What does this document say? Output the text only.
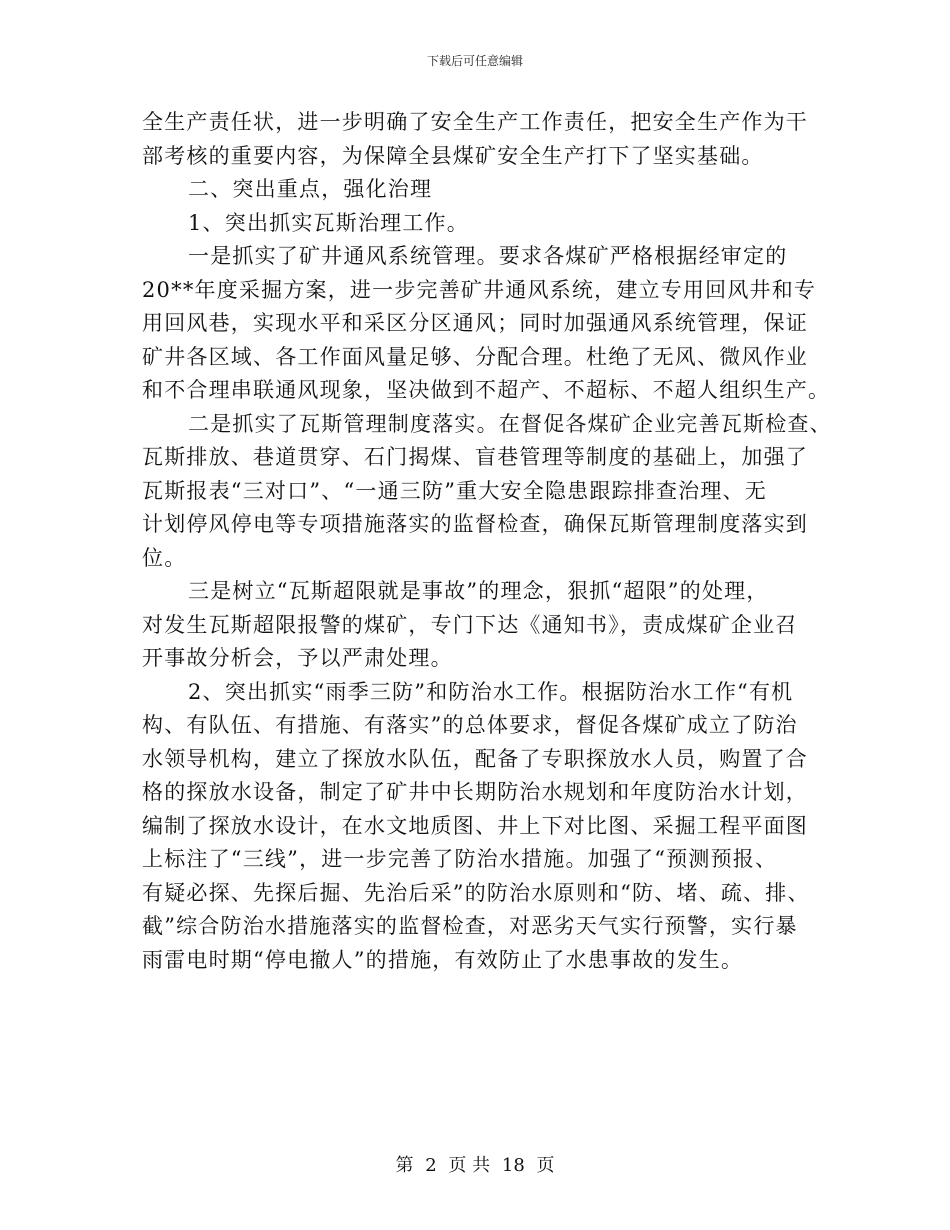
下载后可任意编辑
全生产责任状，进一步明确了安全生产工作责任，把安全生产作为干
部考核的重要内容，为保障全县煤矿安全生产打下了坚实基础。
二、突出重点，强化治理
1、突出抓实瓦斯治理工作。
一是抓实了矿井通风系统管理。要求各煤矿严格根据经审定的
20**年度采掘方案，进一步完善矿井通风系统，建立专用回风井和专
用回风巷，实现水平和采区分区通风；同时加强通风系统管理，保证
矿井各区域、各工作面风量足够、分配合理。杜绝了无风、微风作业
和不合理串联通风现象，坚决做到不超产、不超标、不超人组织生产。
二是抓实了瓦斯管理制度落实。在督促各煤矿企业完善瓦斯检查、
瓦斯排放、巷道贯穿、石门揭煤、盲巷管理等制度的基础上，加强了
瓦斯报表“三对口”、“一通三防”重大安全隐患跟踪排查治理、无
计划停风停电等专项措施落实的监督检查，确保瓦斯管理制度落实到
位。
三是树立“瓦斯超限就是事故”的理念，狠抓“超限”的处理，
对发生瓦斯超限报警的煤矿，专门下达《通知书》，责成煤矿企业召
开事故分析会，予以严肃处理。
2、突出抓实“雨季三防”和防治水工作。根据防治水工作“有机
构、有队伍、有措施、有落实”的总体要求，督促各煤矿成立了防治
水领导机构，建立了探放水队伍，配备了专职探放水人员，购置了合
格的探放水设备，制定了矿井中长期防治水规划和年度防治水计划，
编制了探放水设计，在水文地质图、井上下对比图、采掘工程平面图
上标注了“三线”，进一步完善了防治水措施。加强了“预测预报、
有疑必探、先探后掘、先治后采”的防治水原则和“防、堵、疏、排、
截”综合防治水措施落实的监督检查，对恶劣天气实行预警，实行暴
雨雷电时期“停电撤人”的措施，有效防止了水患事故的发生。
第 2 页 共 18 页
